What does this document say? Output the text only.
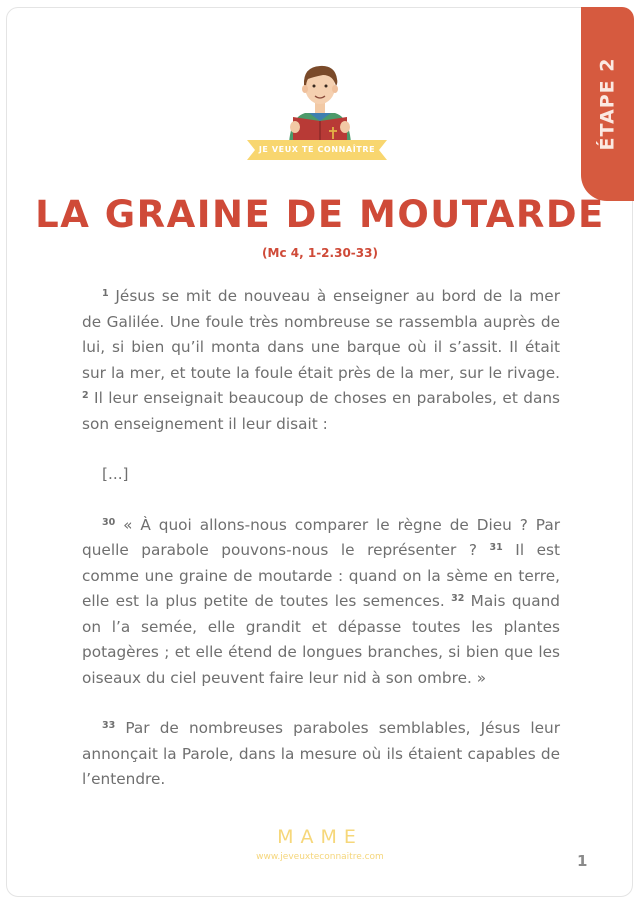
ÉTAPE 2
JE VEUX TE CONNAÎTRE
LA GRAINE DE MOUTARDE
(Mc 4, 1-2.30-33)

$^1$ Jésus se mit de nouveau à enseigner au bord de la mer de Galilée. Une foule très nombreuse se rassembla auprès de lui, si bien qu’il monta dans une barque où il s’assit. Il était sur la mer, et toute la foule était près de la mer, sur le rivage. $^2$ Il leur enseignait beaucoup de choses en paraboles, et dans son enseignement il leur disait :

[...]

$^{30}$ « À quoi allons-nous comparer le règne de Dieu ? Par quelle parabole pouvons-nous le représenter ? $^{31}$ Il est comme une graine de moutarde : quand on la sème en terre, elle est la plus petite de toutes les semences. $^{32}$ Mais quand on l’a semée, elle grandit et dépasse toutes les plantes potagères ; et elle étend de longues branches, si bien que les oiseaux du ciel peuvent faire leur nid à son ombre. »

$^{33}$ Par de nombreuses paraboles semblables, Jésus leur annonçait la Parole, dans la mesure où ils étaient capables de l’entendre.

MAME
www.jeveuxteconnaitre.com	1
